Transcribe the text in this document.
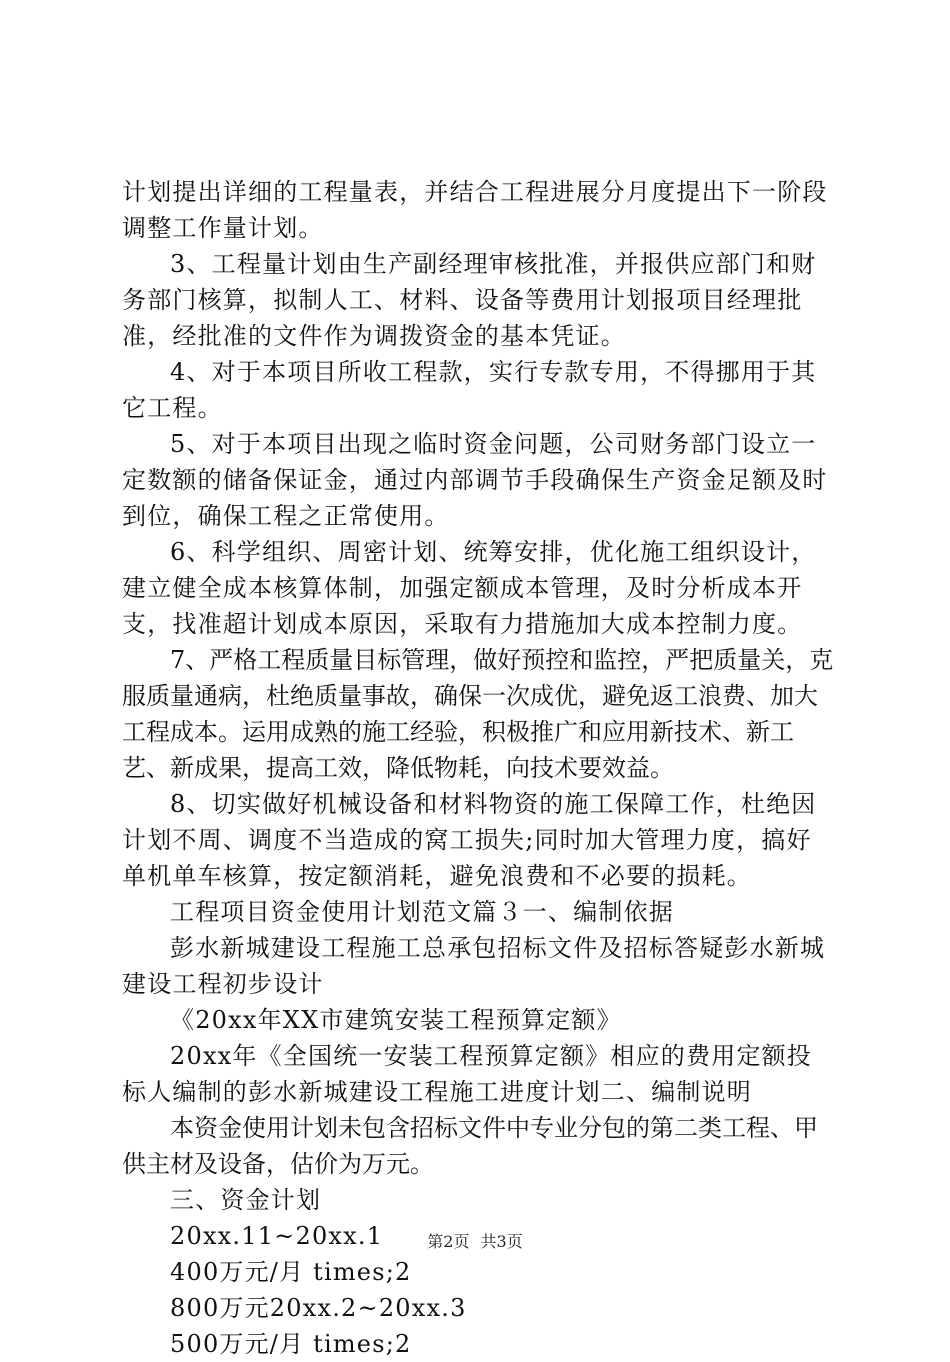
计划提出详细的工程量表，并结合工程进展分月度提出下一阶段调整工作量计划。

3、工程量计划由生产副经理审核批准，并报供应部门和财务部门核算，拟制人工、材料、设备等费用计划报项目经理批准，经批准的文件作为调拨资金的基本凭证。

4、对于本项目所收工程款，实行专款专用，不得挪用于其它工程。

5、对于本项目出现之临时资金问题，公司财务部门设立一定数额的储备保证金，通过内部调节手段确保生产资金足额及时到位，确保工程之正常使用。

6、科学组织、周密计划、统筹安排，优化施工组织设计，建立健全成本核算体制，加强定额成本管理，及时分析成本开支，找准超计划成本原因，采取有力措施加大成本控制力度。

7、严格工程质量目标管理，做好预控和监控，严把质量关，克服质量通病，杜绝质量事故，确保一次成优，避免返工浪费、加大工程成本。运用成熟的施工经验，积极推广和应用新技术、新工艺、新成果，提高工效，降低物耗，向技术要效益。

8、切实做好机械设备和材料物资的施工保障工作，杜绝因计划不周、调度不当造成的窝工损失;同时加大管理力度，搞好单机单车核算，按定额消耗，避免浪费和不必要的损耗。

工程项目资金使用计划范文篇３一、编制依据

彭水新城建设工程施工总承包招标文件及招标答疑彭水新城建设工程初步设计

《20xx年XX市建筑安装工程预算定额》

20xx年《全国统一安装工程预算定额》相应的费用定额投标人编制的彭水新城建设工程施工进度计划二、编制说明

本资金使用计划未包含招标文件中专业分包的第二类工程、甲供主材及设备，估价为万元。

三、资金计划

20xx.11~20xx.1

400万元/月 times;2

800万元20xx.2~20xx.3

500万元/月 times;2

第2页 共3页
